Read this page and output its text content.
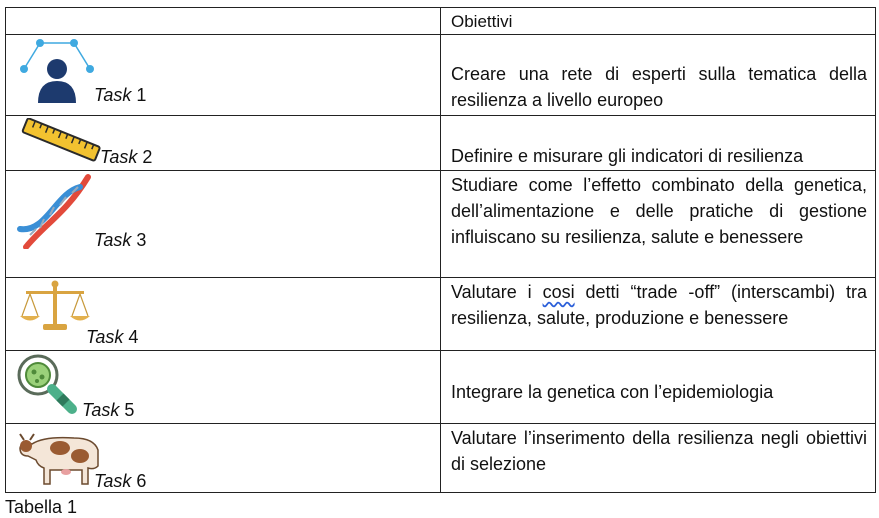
	Obiettivi

Task 1	Creare una rete di esperti sulla tematica della resilienza a livello europeo

Task 2	Definire e misurare gli indicatori di resilienza

Task 3	Studiare come l’effetto combinato della genetica, dell’alimentazione e delle pratiche di gestione influiscano su resilienza, salute e benessere

Task 4	Valutare i cosi detti “trade -off” (interscambi) tra resilienza, salute, produzione e benessere

Task 5	Integrare la genetica con l’epidemiologia

Task 6	Valutare l’inserimento della resilienza negli obiettivi di selezione
Tabella 1
